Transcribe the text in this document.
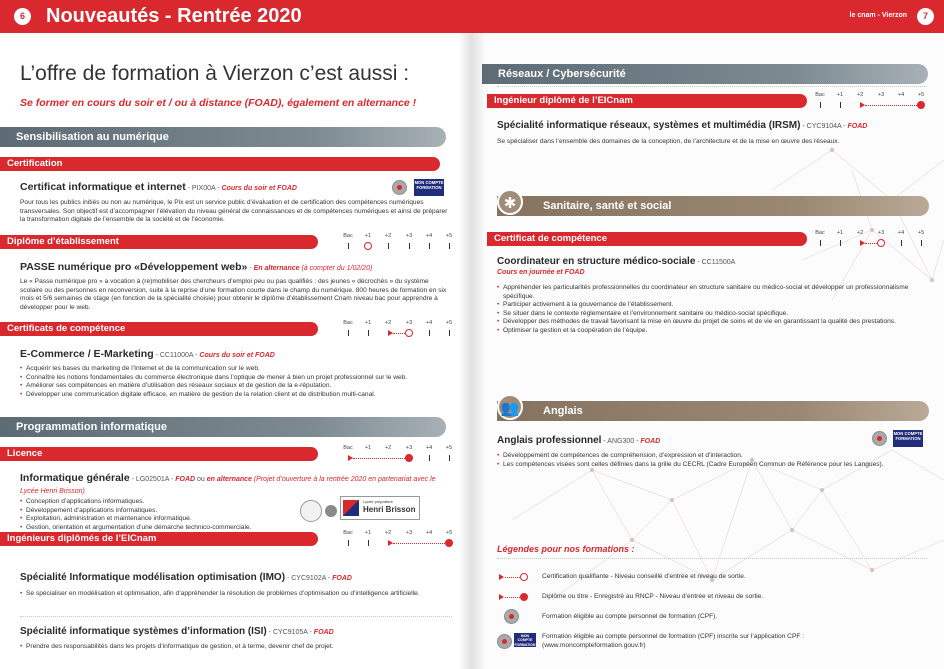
6	Nouveautés - Rentrée 2020
L’offre de formation à Vierzon c’est aussi :
Se former en cours du soir et / ou à distance (FOAD), également en alternance !
Sensibilisation au numérique
Certification
Certificat informatique et internet - PIX00A - Cours du soir et FOAD
MON COMPTE FORMATION
Pour tous les publics initiés ou non au numérique, le Pix est un service public d’évaluation et de certification des compétences numériques transversales. Son objectif est d’accompagner l’élévation du niveau général de connaissances et de compétences numériques et ainsi de préparer la transformation digitale de l’ensemble de la société et de l’économie.
Diplôme d’établissement	Bac	+1	+2	+3	+4	+5
PASSE numérique pro «Développement web» - En alternance (à compter du 1/02/20)
Le « Passe numérique pro » a vocation à (re)mobiliser des chercheurs d’emploi peu ou pas qualifiés : des jeunes « décrochés » du système scolaire ou des personnes en reconversion, suite à la reprise d’une formation courte dans le champ du numérique. 800 heures de formation en six mois et 5/6 semaines de stage (en fonction de la spécialité choisie) pour obtenir le diplôme d’établissement Cnam niveau bac pour apprendre à développer pour le web.
Certificats de compétence	Bac	+1	+2	+3	+4	+5
E-Commerce / E-Marketing - CC11000A - Cours du soir et FOAD
• Acquérir les bases du marketing de l’Internet et de la communication sur le web.
• Connaître les notions fondamentales du commerce électronique dans l’optique de mener à bien un projet professionnel sur le web.
• Améliorer ses compétences en matière d’utilisation des réseaux sociaux et de gestion de la e-réputation.
• Développer une communication digitale efficace, en matière de gestion de la relation client et de distribution multi-canal.
Programmation informatique
Licence	Bac	+1	+2	+3	+4	+5
Informatique générale - LG02501A - FOAD ou en alternance (Projet d’ouverture à la rentrée 2020 en partenariat avec le Lycée Henri Brisson)
• Conception d’applications informatiques.
• Développement d’applications informatiques.
• Exploitation, administration et maintenance informatique.
• Gestion, orientation et argumentation d’une démarche technico-commerciale.
Lycée polyvalent
Henri Brisson
Ingénieurs diplômés de l’EICnam	Bac	+1	+2	+3	+4	+5
Spécialité Informatique modélisation optimisation (IMO) - CYC9102A - FOAD
• Se spécialiser en modélisation et optimisation, afin d’appréhender la résolution de problèmes d’optimisation ou d’intelligence artificielle.
Spécialité informatique systèmes d’information (ISI) - CYC9105A - FOAD
• Prendre des responsabilités dans les projets d’informatique de gestion, et à terme, devenir chef de projet.
le cnam - Vierzon	7
Réseaux / Cybersécurité
Ingénieur diplômé de l’EICnam	Bac	+1	+2	+3	+4	+5
Spécialité informatique réseaux, systèmes et multimédia (IRSM) - CYC9104A - FOAD
Se spécialiser dans l’ensemble des domaines de la conception, de l’architecture et de la mise en œuvre des réseaux.
Sanitaire, santé et social
✱
Certificat de compétence	Bac	+1	+2	+3	+4	+5
Coordinateur en structure médico-sociale - CC11500A
Cours en journée et FOAD
• Appréhender les particularités professionnelles du coordinateur en structure sanitaire ou médico-social et développer un professionnalisme spécifique.
• Participer activement à la gouvernance de l’établissement.
• Se situer dans le contexte réglementaire et l’environnement sanitaire ou médico-social spécifique.
• Développer des méthodes de travail favorisant la mise en œuvre du projet de soins et de vie en garantissant la qualité des prestations.
• Optimiser la gestion et la coopération de l’équipe.
Anglais
👥
Anglais professionnel - ANG300 - FOAD
MON COMPTE FORMATION
• Développement de compétences de compréhension, d’expression et d’interaction.
• Les compétences visées sont celles définies dans la grille du CECRL (Cadre Européen Commun de Référence pour les Langues).
Légendes pour nos formations :
Certification qualifiante - Niveau conseillé d’entrée et niveau de sortie.
Diplôme ou titre - Enregistré au RNCP - Niveau d’entrée et niveau de sortie.
Formation éligible au compte personnel de formation (CPF).
MON COMPTE FORMATION
Formation éligible au compte personnel de formation (CPF) inscrite sur l’application CPF :
(www.moncompteformation.gouv.fr)
